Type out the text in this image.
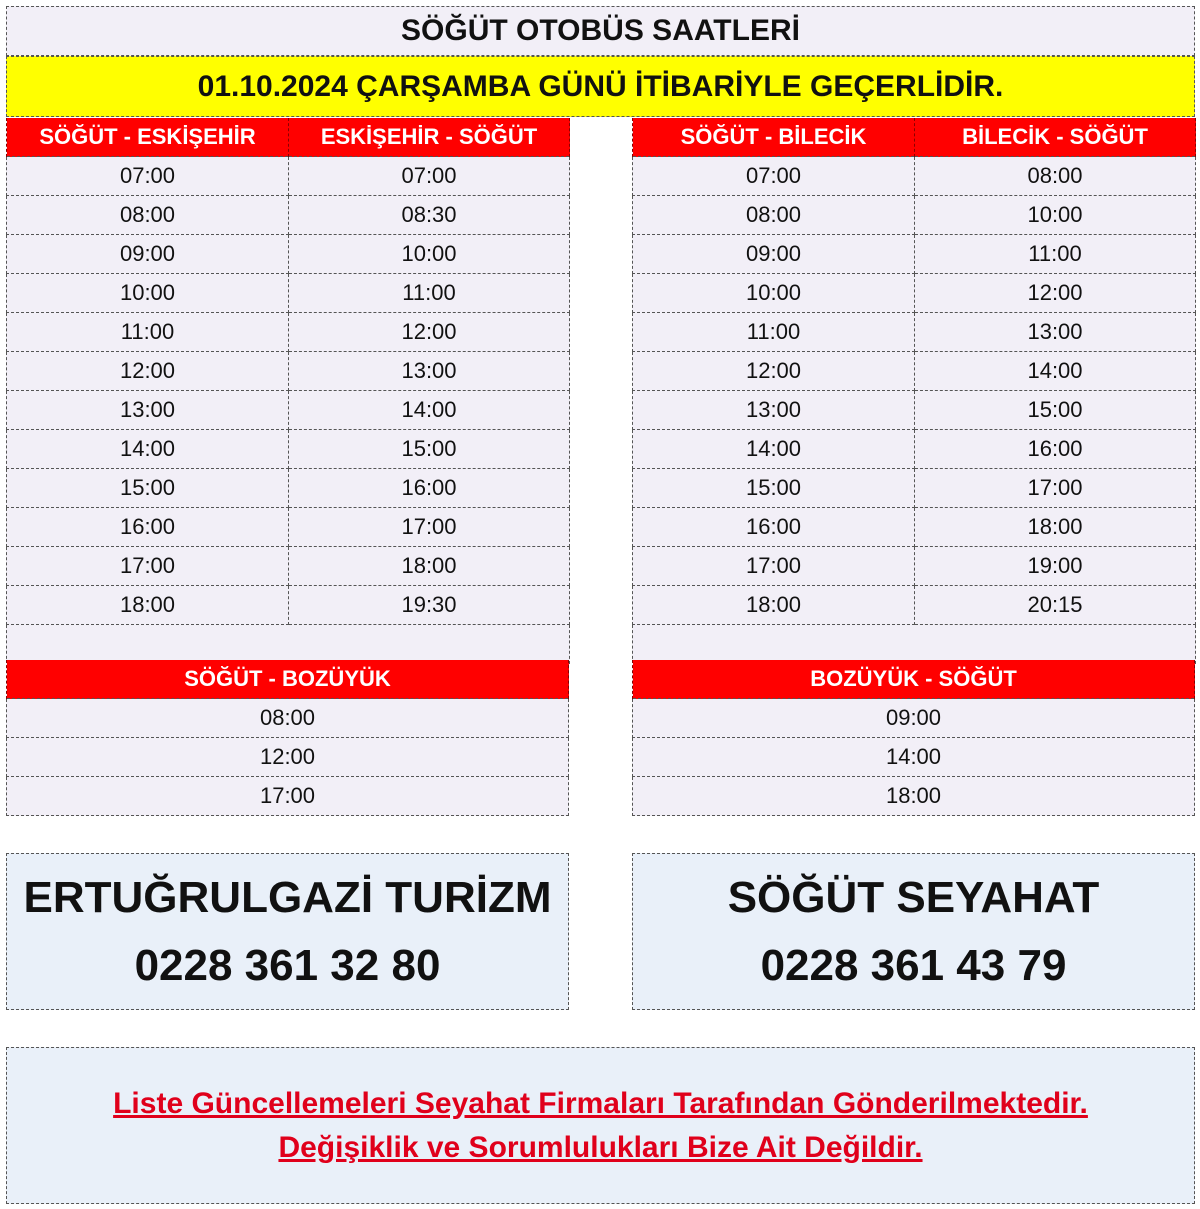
SÖĞÜT OTOBÜS SAATLERİ
01.10.2024 ÇARŞAMBA GÜNÜ İTİBARİYLE GEÇERLİDİR.
SÖĞÜT - ESKİŞEHİR	ESKİŞEHİR - SÖĞÜT
07:00	07:00
08:00	08:30
09:00	10:00
10:00	11:00
11:00	12:00
12:00	13:00
13:00	14:00
14:00	15:00
15:00	16:00
16:00	17:00
17:00	18:00
18:00	19:30

SÖĞÜT - BİLECİK	BİLECİK - SÖĞÜT
07:00	08:00
08:00	10:00
09:00	11:00
10:00	12:00
11:00	13:00
12:00	14:00
13:00	15:00
14:00	16:00
15:00	17:00
16:00	18:00
17:00	19:00
18:00	20:15

SÖĞÜT - BOZÜYÜK
08:00
12:00
17:00
BOZÜYÜK - SÖĞÜT
09:00
14:00
18:00
ERTUĞRULGAZİ TURİZM
0228 361 32 80
SÖĞÜT SEYAHAT
0228 361 43 79
Liste Güncellemeleri Seyahat Firmaları Tarafından Gönderilmektedir.
Değişiklik ve Sorumlulukları Bize Ait Değildir.
